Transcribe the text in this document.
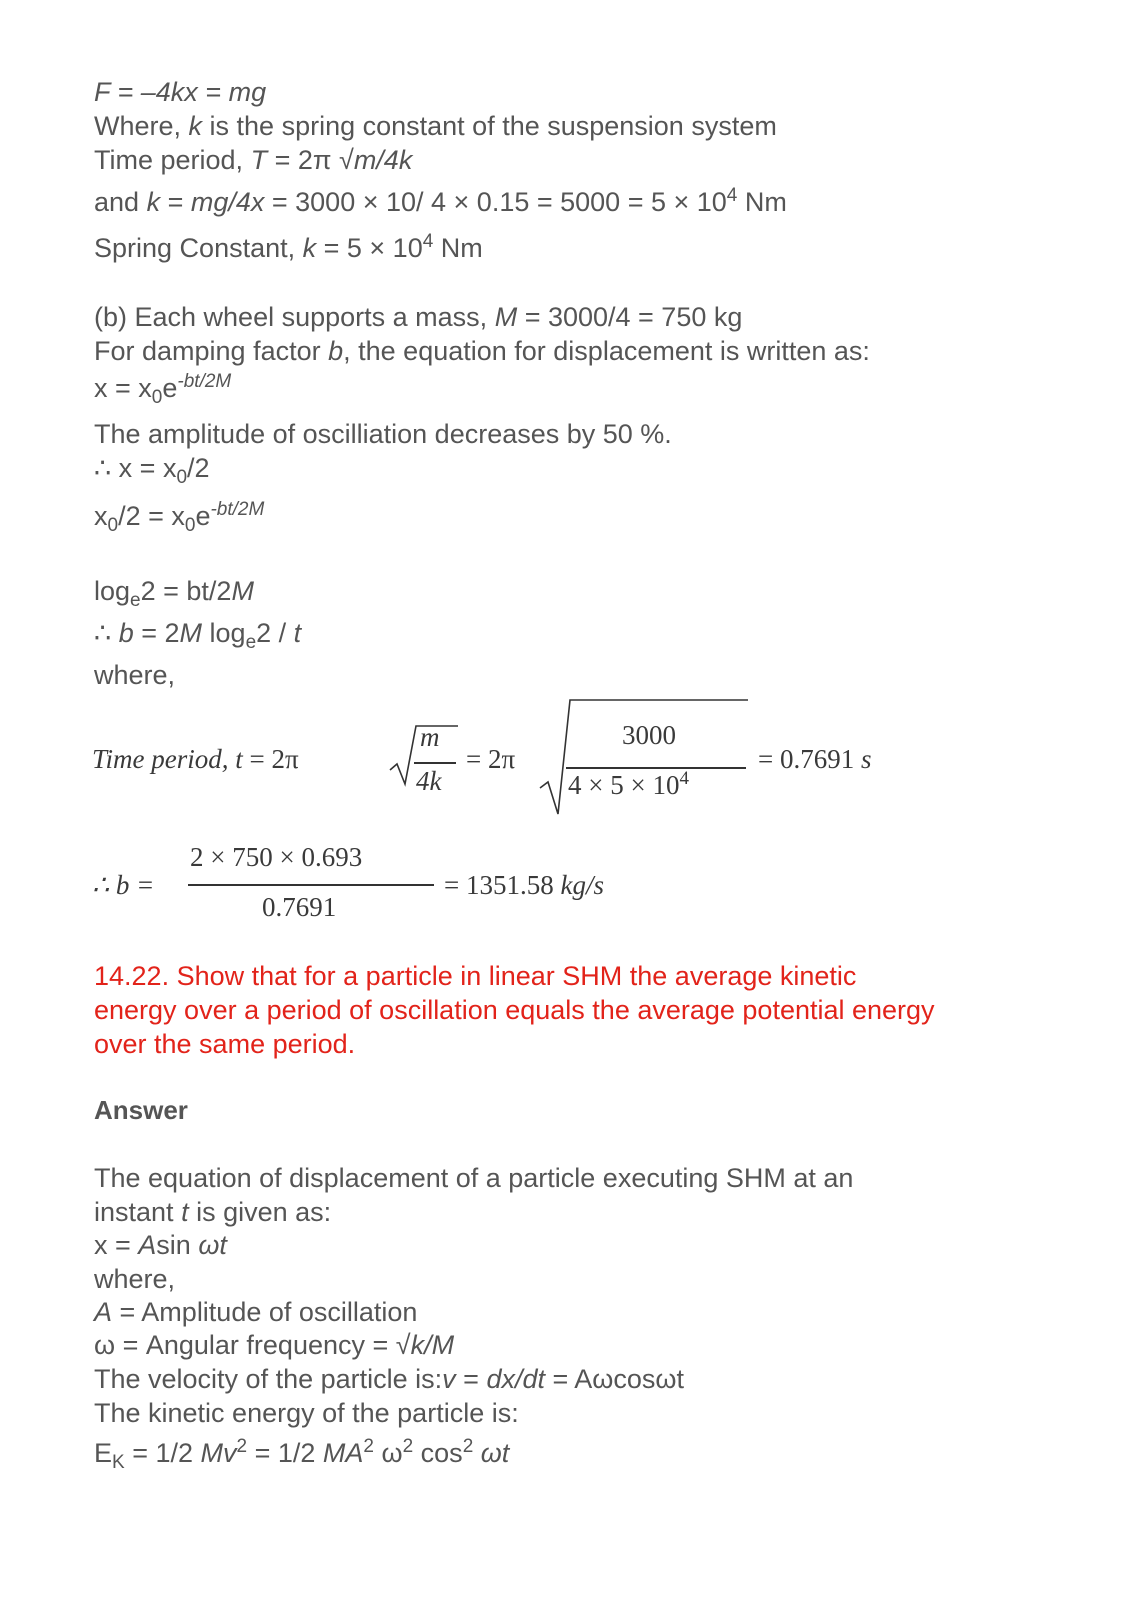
F = –4kx = mg
Where, k is the spring constant of the suspension system
Time period, T = 2π √m/4k
and k = mg/4x = 3000 × 10/ $4 \times 0.15 = 5000 = 5 \times 10^4$ Nm
Spring Constant, $k = 5 \times 10^4$ Nm
(b) Each wheel supports a mass, M = 3000/4 = 750 kg
For damping factor b, the equation for displacement is written as:
$x = x_0e^{-bt/2M}$
The amplitude of oscilliation decreases by 50 %.
∴ $x = x_0/2$
$x_0/2 = x_0e^{-bt/2M}$
$\log_e2 = bt/2M$
∴ b = 2M $\log_e2$ / t
where,
Time period, t = 2π
m
4k
= 2π
3000
$4 \times 5 \times 10^4$
= 0.7691 s
∴ b =
2 × 750 × 0.693
0.7691
= 1351.58 kg/s
14.22. Show that for a particle in linear SHM the average kinetic
energy over a period of oscillation equals the average potential energy
over the same period.
Answer
The equation of displacement of a particle executing SHM at an
instant t is given as:
x = Asin ωt
where,
A = Amplitude of oscillation
ω = Angular frequency = √k/M
The velocity of the particle is:v = dx/dt = Aωcosωt
The kinetic energy of the particle is:
$E_K = 1/2$ $Mv^2 = 1/2$ $MA^2$ $\omega^2$ $\cos^2 \omega t$
